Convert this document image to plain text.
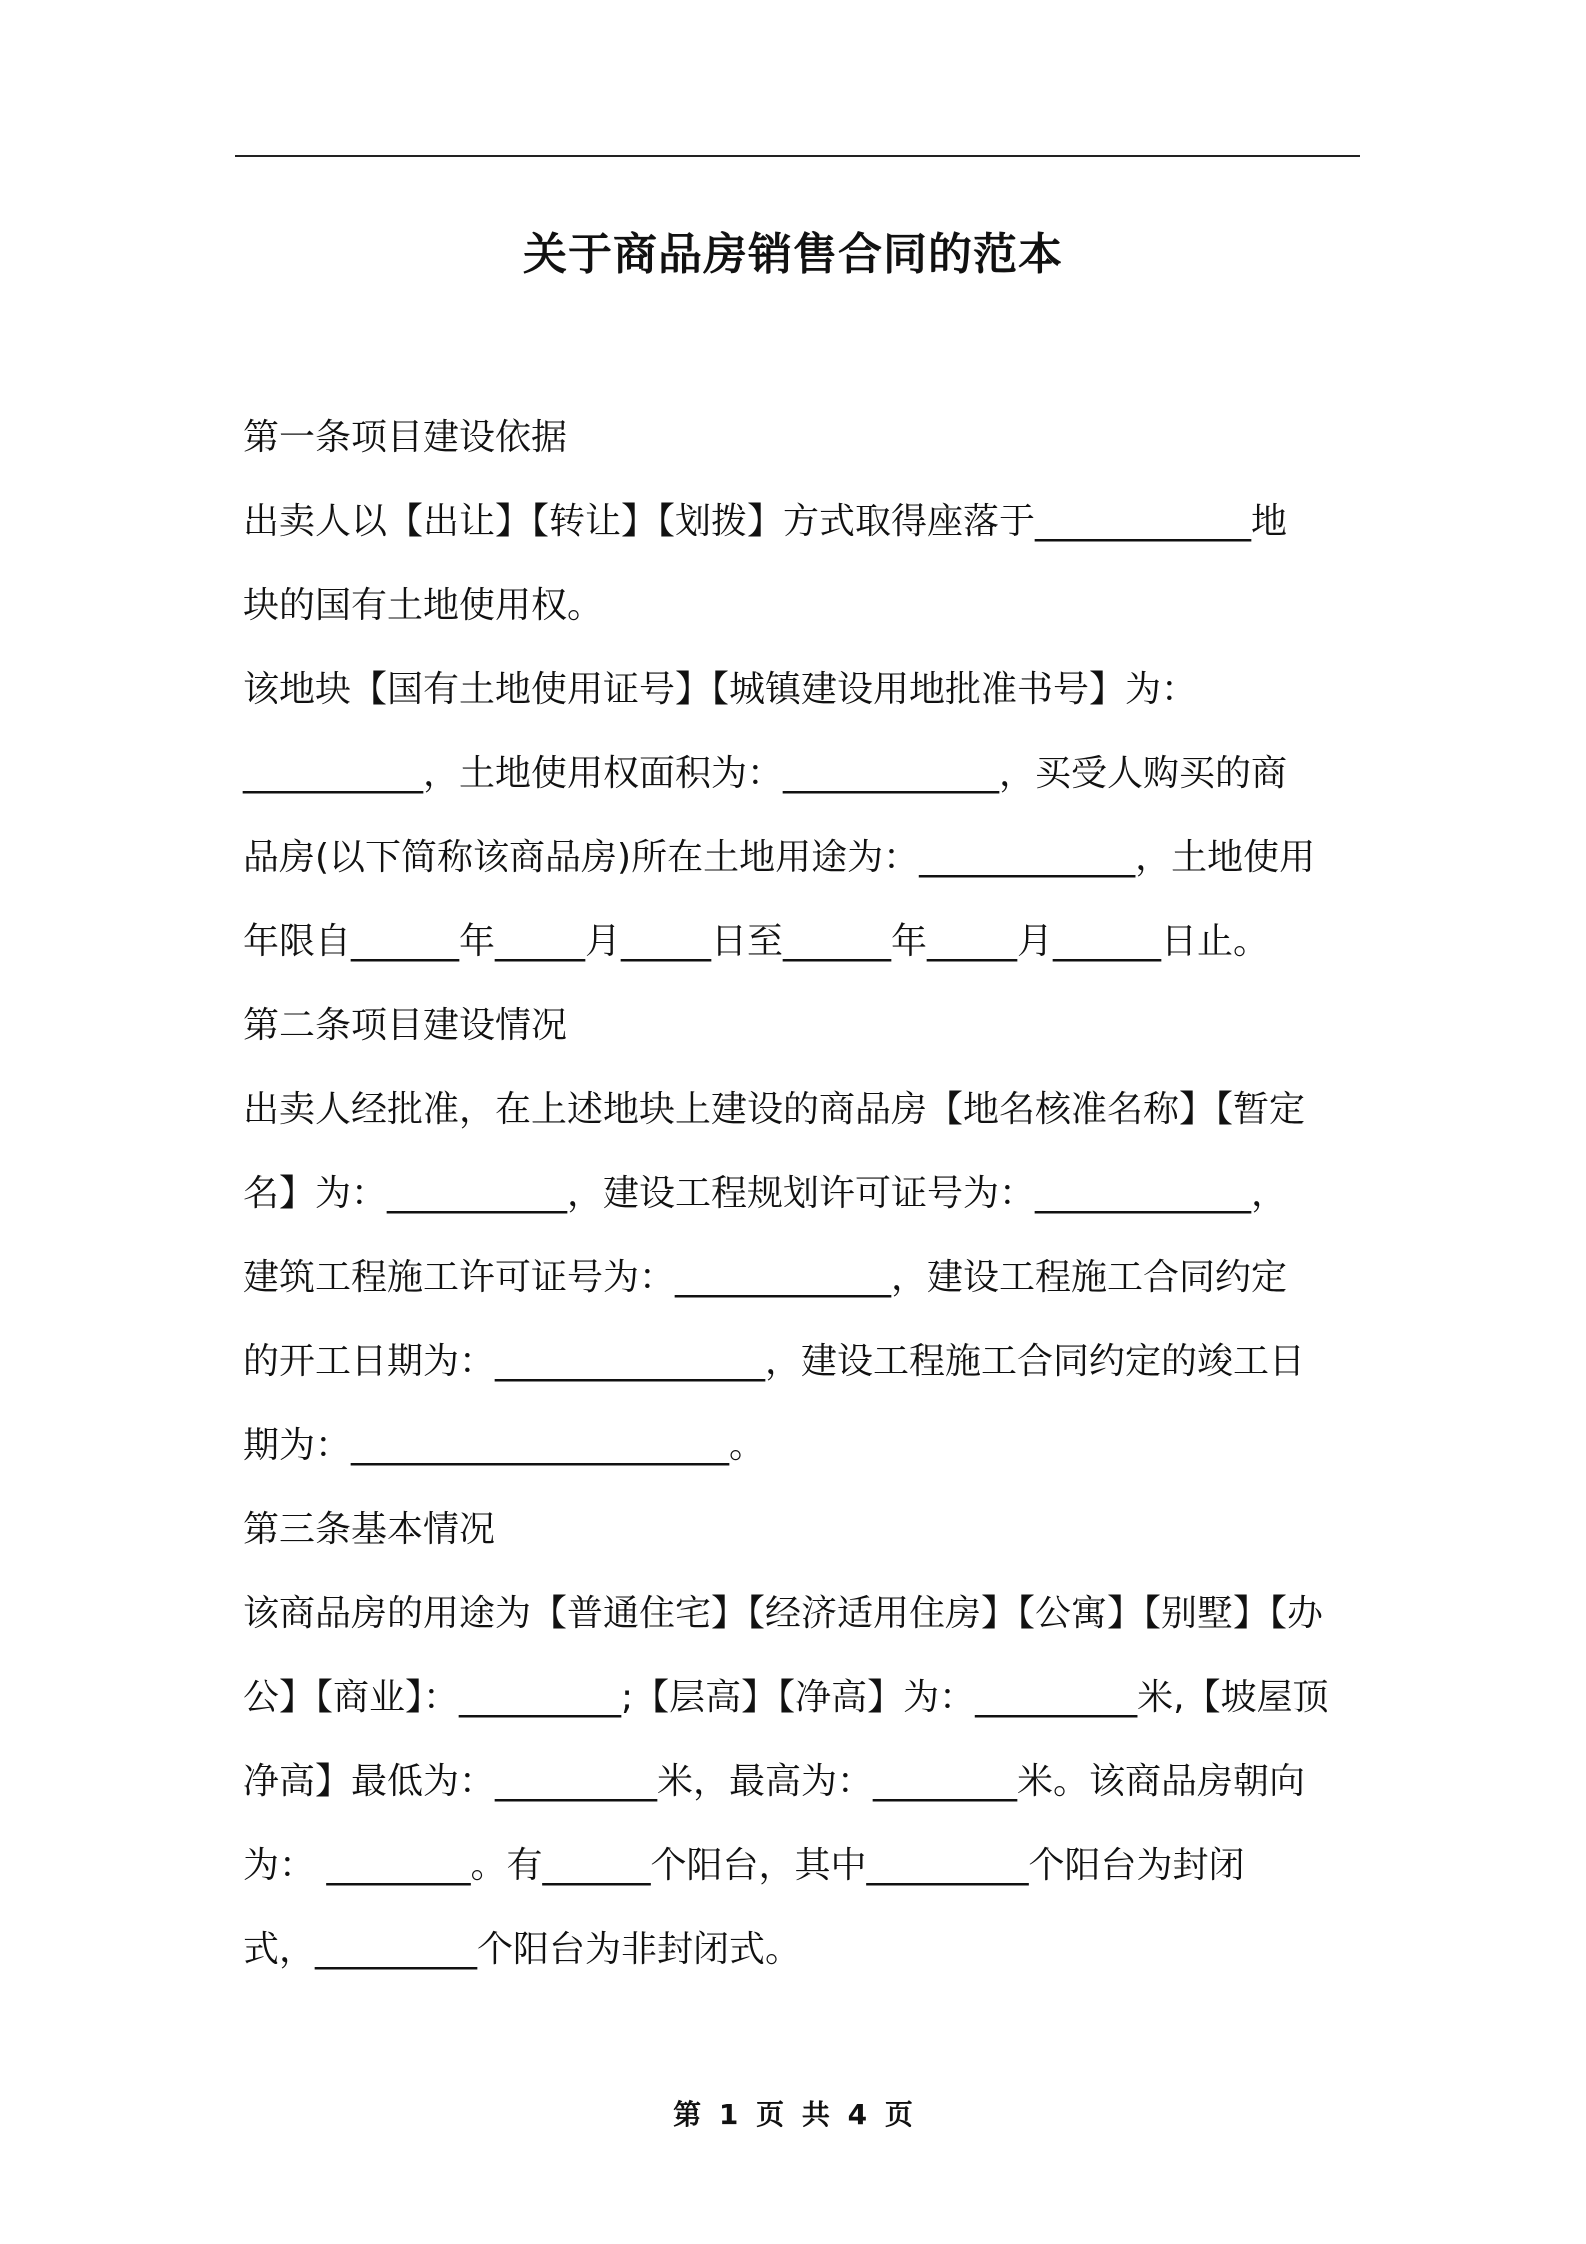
关于商品房销售合同的范本
第一条项目建设依据
出卖人以【出让】【转让】【划拨】方式取得座落于____________地
块的国有土地使用权。
该地块【国有土地使用证号】【城镇建设用地批准书号】为：
__________，土地使用权面积为：____________，买受人购买的商
品房(以下简称该商品房)所在土地用途为：____________，土地使用
年限自______年_____月_____日至______年_____月______日止。
第二条项目建设情况
出卖人经批准，在上述地块上建设的商品房【地名核准名称】【暂定
名】为：__________，建设工程规划许可证号为：____________，
建筑工程施工许可证号为：____________，建设工程施工合同约定
的开工日期为：_______________，建设工程施工合同约定的竣工日
期为：_____________________。
第三条基本情况
该商品房的用途为【普通住宅】【经济适用住房】【公寓】【别墅】【办
公】【商业】：_________;【层高】【净高】为：_________米,【坡屋顶
净高】最低为：_________米，最高为：________米。该商品房朝向
为： ________。有______个阳台，其中_________个阳台为封闭
式，_________个阳台为非封闭式。
第 1 页 共 4 页
